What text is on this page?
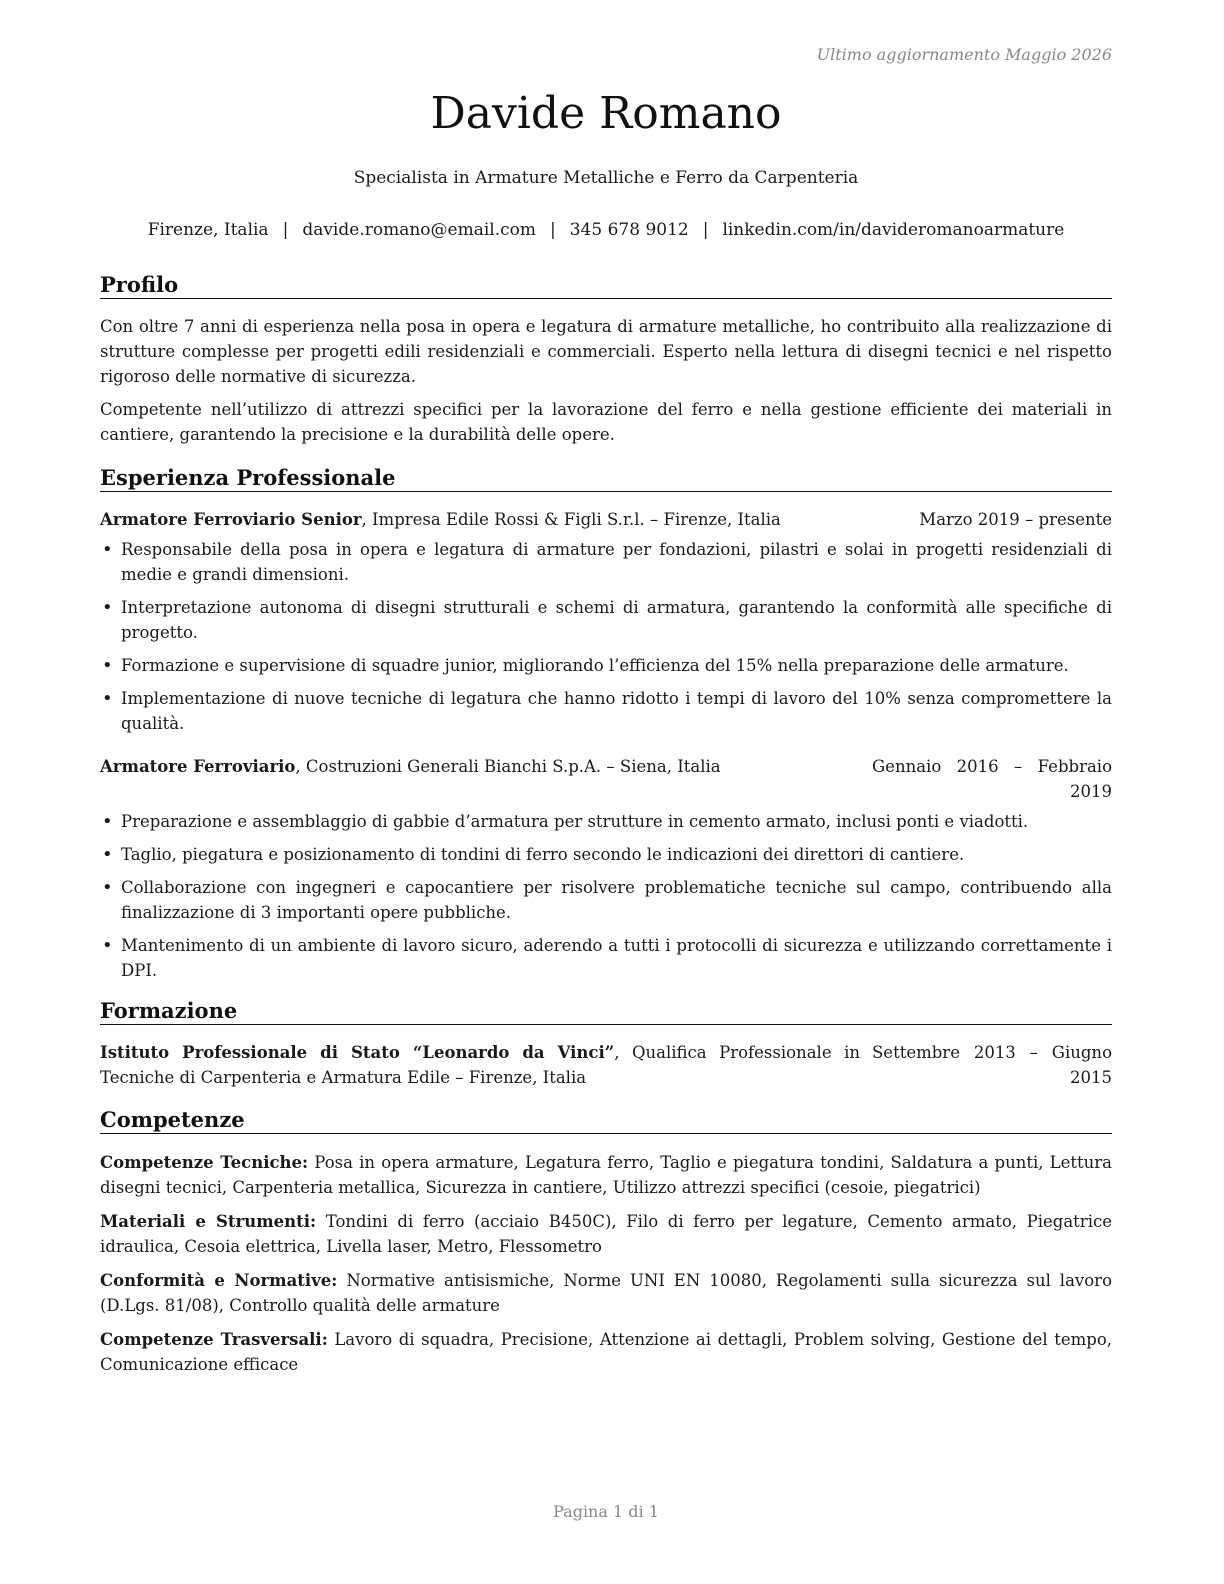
Ultimo aggiornamento Maggio 2026
Davide Romano
Specialista in Armature Metalliche e Ferro da Carpenteria
Firenze, Italia | davide.romano@email.com | 345 678 9012 | linkedin.com/in/davideromanoarmature
Profilo

Con oltre 7 anni di esperienza nella posa in opera e legatura di armature metalliche, ho contribuito alla realizzazione di strutture complesse per progetti edili residenziali e commerciali. Esperto nella lettura di disegni tecnici e nel rispetto rigoroso delle normative di sicurezza.

Competente nell’utilizzo di attrezzi specifici per la lavorazione del ferro e nella gestione efficiente dei materiali in cantiere, garantendo la precisione e la durabilità delle opere.

Esperienza Professionale
Armatore Ferroviario Senior, Impresa Edile Rossi & Figli S.r.l. – Firenze, Italia	Marzo 2019 – presente
• Responsabile della posa in opera e legatura di armature per fondazioni, pilastri e solai in progetti residenziali di medie e grandi dimensioni.
• Interpretazione autonoma di disegni strutturali e schemi di armatura, garantendo la conformità alle specifiche di progetto.
• Formazione e supervisione di squadre junior, migliorando l’efficienza del 15% nella preparazione delle armature.
• Implementazione di nuove tecniche di legatura che hanno ridotto i tempi di lavoro del 10% senza compromettere la qualità.
Armatore Ferroviario, Costruzioni Generali Bianchi S.p.A. – Siena, Italia	Gennaio 2016 – Febbraio 2019
• Preparazione e assemblaggio di gabbie d’armatura per strutture in cemento armato, inclusi ponti e viadotti.
• Taglio, piegatura e posizionamento di tondini di ferro secondo le indicazioni dei direttori di cantiere.
• Collaborazione con ingegneri e capocantiere per risolvere problematiche tecniche sul campo, contribuendo alla finalizzazione di 3 importanti opere pubbliche.
• Mantenimento di un ambiente di lavoro sicuro, aderendo a tutti i protocolli di sicurezza e utilizzando correttamente i DPI.
Formazione
Istituto Professionale di Stato “Leonardo da Vinci”, Qualifica Professionale in Tecniche di Carpenteria e Armatura Edile – Firenze, Italia
Settembre 2013 – Giugno 2015
Competenze
Competenze Tecniche: Posa in opera armature, Legatura ferro, Taglio e piegatura tondini, Saldatura a punti, Lettura disegni tecnici, Carpenteria metallica, Sicurezza in cantiere, Utilizzo attrezzi specifici (cesoie, piegatrici)
Materiali e Strumenti: Tondini di ferro (acciaio B450C), Filo di ferro per legature, Cemento armato, Piegatrice idraulica, Cesoia elettrica, Livella laser, Metro, Flessometro
Conformità e Normative: Normative antisismiche, Norme UNI EN 10080, Regolamenti sulla sicurezza sul lavoro (D.Lgs. 81/08), Controllo qualità delle armature
Competenze Trasversali: Lavoro di squadra, Precisione, Attenzione ai dettagli, Problem solving, Gestione del tempo, Comunicazione efficace
Pagina 1 di 1
